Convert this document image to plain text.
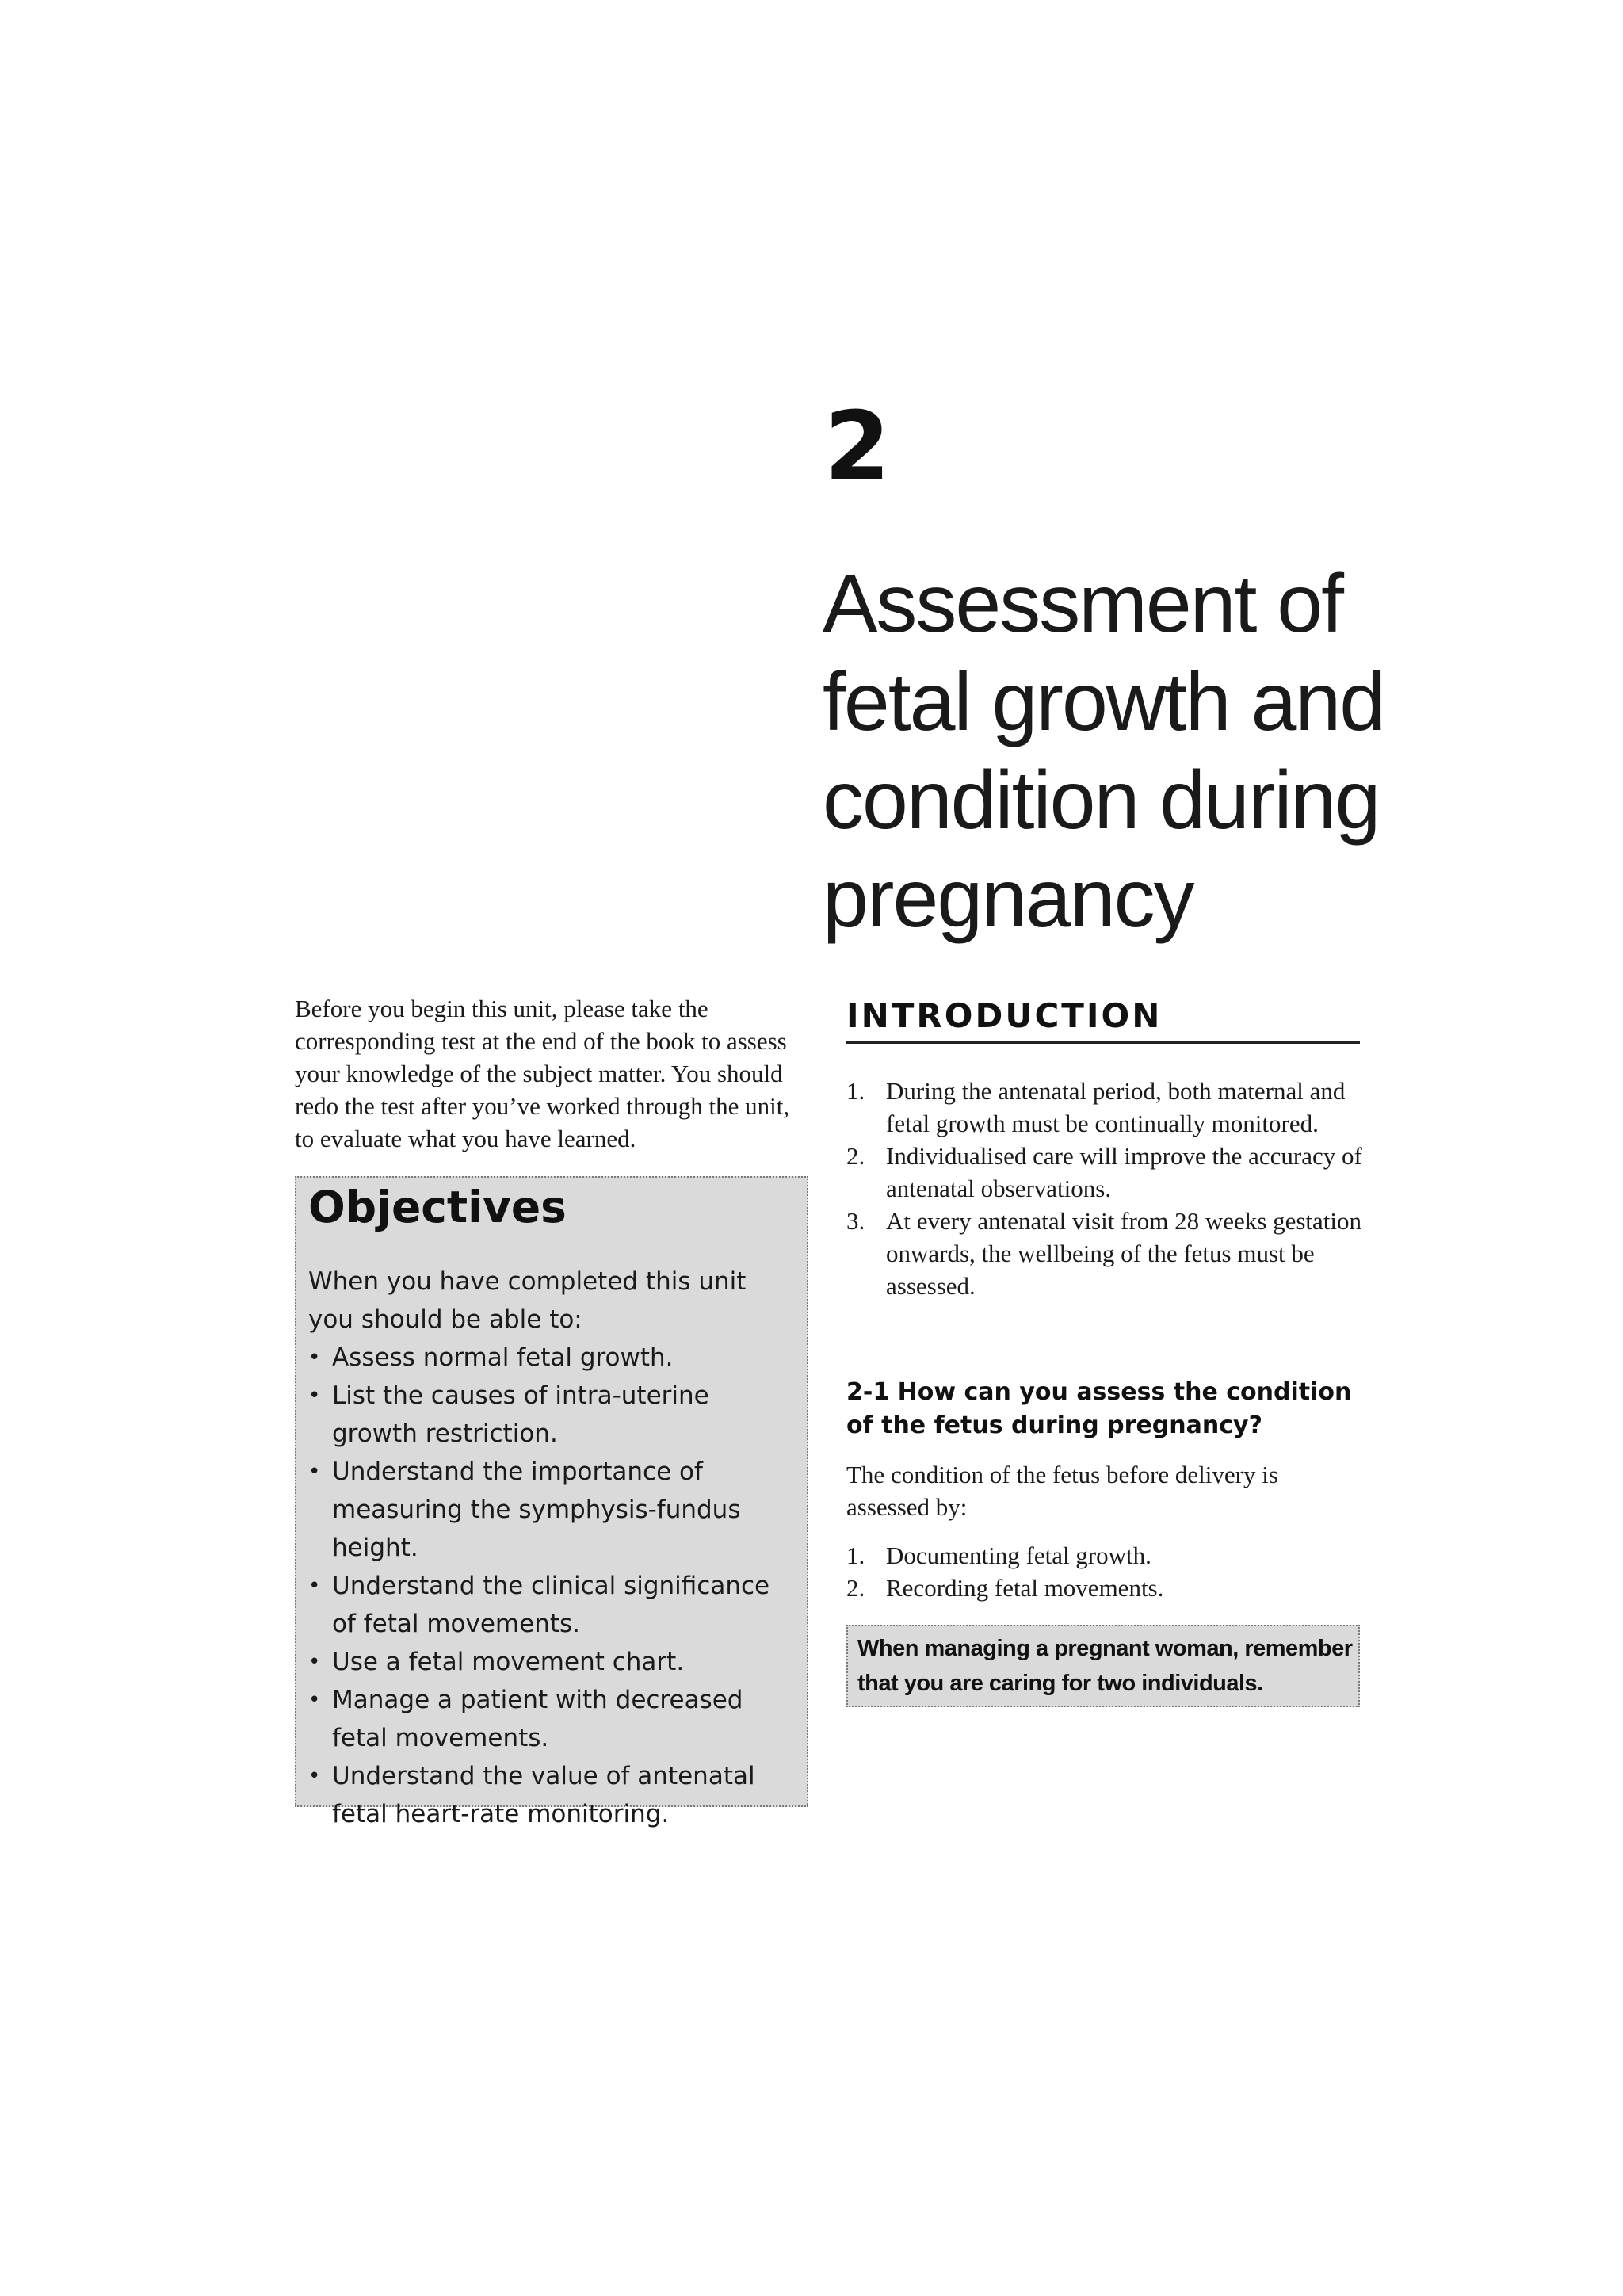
2
Assessment of
fetal growth and
condition during
pregnancy

Before you begin this unit, please take the corresponding test at the end of the book to assess your knowledge of the subject matter. You should redo the test after you’ve worked through the unit, to evaluate what you have learned.

Objectives
When you have completed this unit you should be able to:
• Assess normal fetal growth.
• List the causes of intra-uterine growth restriction.
• Understand the importance of measuring the symphysis-fundus height.
• Understand the clinical significance of fetal movements.
• Use a fetal movement chart.
• Manage a patient with decreased fetal movements.
• Understand the value of antenatal fetal heart-rate monitoring.
INTRODUCTION
1. During the antenatal period, both maternal and fetal growth must be continually monitored.
2. Individualised care will improve the accuracy of antenatal observations.
3. At every antenatal visit from 28 weeks gestation onwards, the wellbeing of the fetus must be assessed.
2-1 How can you assess the condition of the fetus during pregnancy?

The condition of the fetus before delivery is assessed by:

1. Documenting fetal growth.
2. Recording fetal movements.
When managing a pregnant woman, remember
that you are caring for two individuals.
